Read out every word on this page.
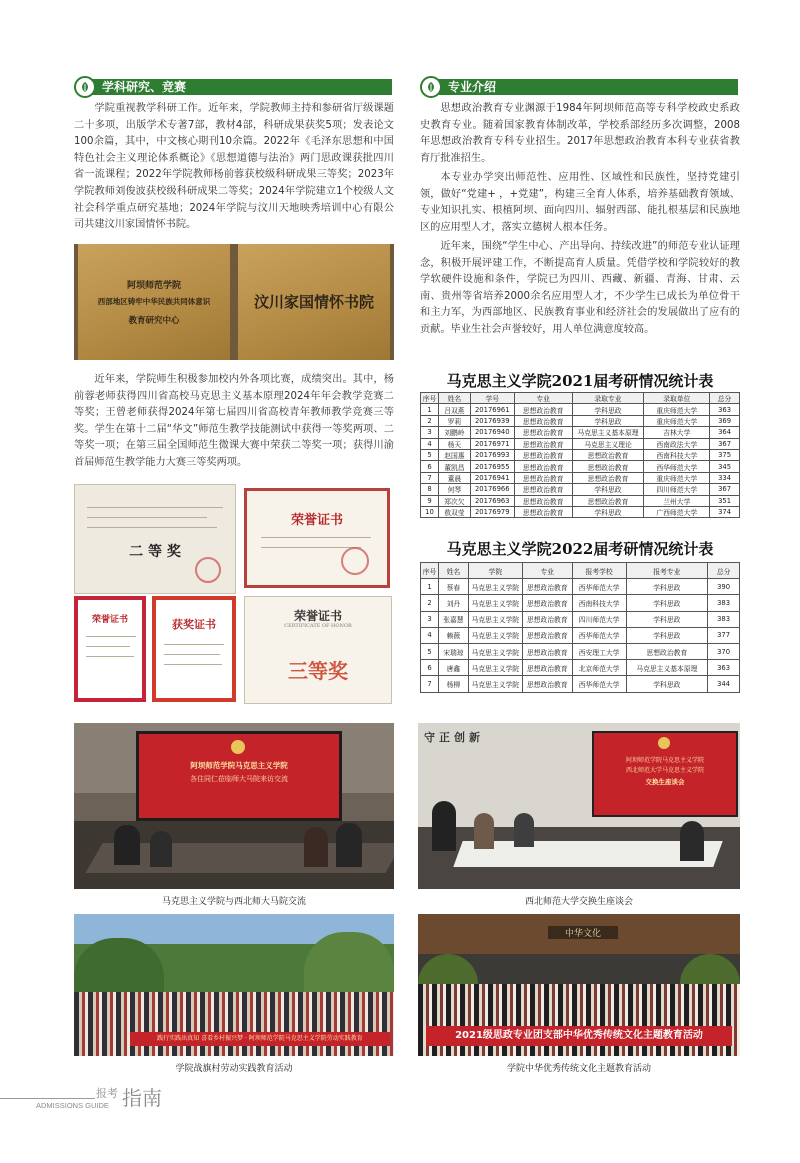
学科研究、竞赛

学院重视教学科研工作。近年来，学院教师主持和参研省厅级课题二十多项，出版学术专著7部，教材4部，科研成果获奖5项；发表论文100余篇，其中，中文核心期刊10余篇。2022年《毛泽东思想和中国特色社会主义理论体系概论》《思想道德与法治》两门思政课获批四川省一流课程；2022年学院教师杨前蓉获校级科研成果三等奖；2023年学院教师刘俊波获校级科研成果二等奖；2024年学院建立1个校级人文社会科学重点研究基地；2024年学院与汶川天地映秀培训中心有限公司共建汶川家国情怀书院。

阿坝师范学院
西部地区铸牢中华民族共同体意识
教育研究中心
汶川家国情怀书院

近年来，学院师生积极参加校内外各项比赛，成绩突出。其中，杨前蓉老师获得四川省高校马克思主义基本原理2024年年会教学竞赛二等奖；王曾老师获得2024年第七届四川省高校青年教师教学竞赛三等奖。学生在第十二届“华文”师范生教学技能测试中获得一等奖两项、二等奖一项；在第三届全国师范生微课大赛中荣获二等奖一项；获得川渝首届师范生教学能力大赛三等奖两项。

二 等 奖
荣誉证书
荣誉证书	获奖证书
荣誉证书
CERTIFICATE OF HONOR
三等奖
专业介绍

思想政治教育专业渊源于1984年阿坝师范高等专科学校政史系政史教育专业。随着国家教育体制改革，学校系部经历多次调整，2008年思想政治教育专科专业招生。2017年思想政治教育本科专业获省教育厅批准招生。

本专业办学突出师范性、应用性、区域性和民族性，坚持党建引领，做好“党建+ ，+党建”，构建三全育人体系，培养基础教育领域、专业知识扎实、根植阿坝、面向四川、辐射西部、能扎根基层和民族地区的应用型人才，落实立德树人根本任务。

近年来，围绕“学生中心、产出导向、持续改进”的师范专业认证理念，积极开展评建工作，不断提高育人质量。凭借学校和学院较好的教学软硬件设施和条件，学院已为四川、西藏、新疆、青海、甘肃、云南、贵州等省培养2000余名应用型人才，不少学生已成长为单位骨干和主力军，为西部地区、民族教育事业和经济社会的发展做出了应有的贡献。毕业生社会声誉较好，用人单位满意度较高。

马克思主义学院2021届考研情况统计表
序号	姓名	学号	专业	录取专业	录取单位	总分
1	吕双燕	20176961	思想政治教育	学科思政	重庆师范大学	363
2	罗莉	20176939	思想政治教育	学科思政	重庆师范大学	369
3	刘鹏岭	20176940	思想政治教育	马克思主义基本原理	吉林大学	364
4	杨天	20176971	思想政治教育	马克思主义理论	西南政法大学	367
5	赵国惠	20176993	思想政治教育	思想政治教育	西南科技大学	375
6	董凯昌	20176955	思想政治教育	思想政治教育	西华师范大学	345
7	董晨	20176941	思想政治教育	思想政治教育	重庆师范大学	334
8	何琴	20176966	思想政治教育	学科思政	四川师范大学	367
9	郑次欠	20176963	思想政治教育	思想政治教育	兰州大学	351
10	敖双莹	20176979	思想政治教育	学科思政	广西师范大学	374
马克思主义学院2022届考研情况统计表
序号	姓名	学院	专业	报考学校	报考专业	总分
1	蔡春	马克思主义学院	思想政治教育	西华师范大学	学科思政	390
2	刘丹	马克思主义学院	思想政治教育	西南科技大学	学科思政	383
3	张嘉慧	马克思主义学院	思想政治教育	四川师范大学	学科思政	383
4	赖薇	马克思主义学院	思想政治教育	西华师范大学	学科思政	377
5	宋瑞琼	马克思主义学院	思想政治教育	西安理工大学	思想政治教育	370
6	唐鑫	马克思主义学院	思想政治教育	北京师范大学	马克思主义基本原理	363
7	杨柳	马克思主义学院	思想政治教育	西华师范大学	学科思政	344
阿坝师范学院马克思主义学院
各住同仁莅临师大马院来访交流
马克思主义学院与西北师大马院交流
守正创新
阿坝师范学院马克思主义学院
西北师范大学马克思主义学院
交换生座谈会
西北师范大学交换生座谈会
践行实践出真知 喜看乡村振兴梦 · 阿坝师范学院马克思主义学院劳动实践教育
学院战旗村劳动实践教育活动
中华文化
2021级思政专业团支部中华优秀传统文化主题教育活动
学院中华优秀传统文化主题教育活动
报考 指南
ADMISSIONS GUIDE
